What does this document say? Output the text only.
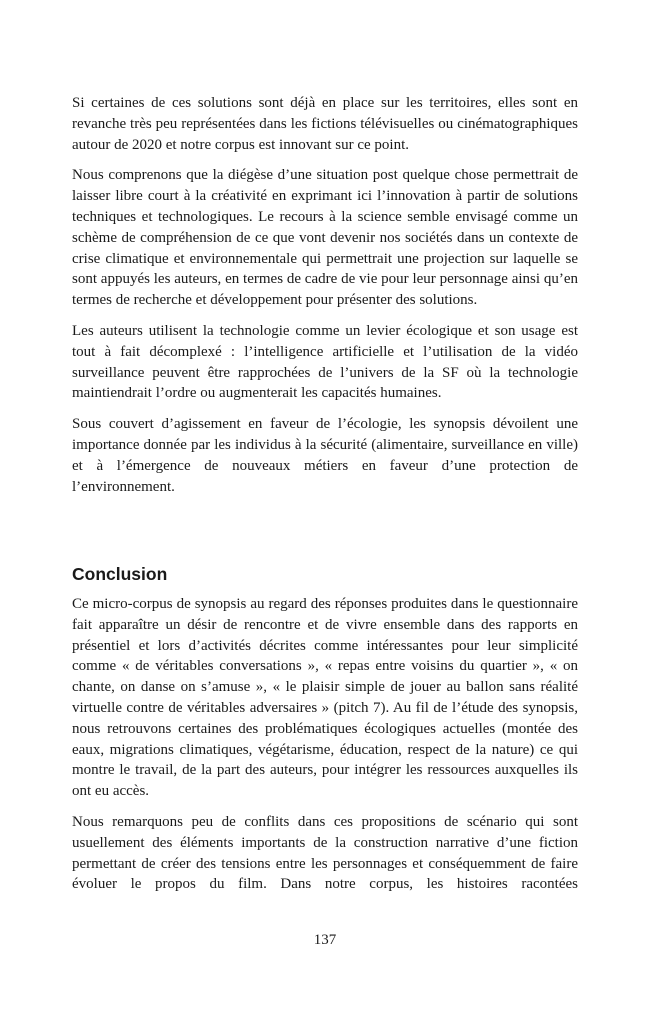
Si certaines de ces solutions sont déjà en place sur les territoires, elles sont en revanche très peu représentées dans les fictions télévisuelles ou cinématographiques autour de 2020 et notre corpus est innovant sur ce point.

Nous comprenons que la diégèse d’une situation post quelque chose permettrait de laisser libre court à la créativité en exprimant ici l’innovation à partir de solutions techniques et technologiques. Le recours à la science semble envisagé comme un schème de compréhension de ce que vont devenir nos sociétés dans un contexte de crise climatique et environnementale qui permettrait une projection sur laquelle se sont appuyés les auteurs, en termes de cadre de vie pour leur personnage ainsi qu’en termes de recherche et développement pour présenter des solutions.

Les auteurs utilisent la technologie comme un levier écologique et son usage est tout à fait décomplexé : l’intelligence artificielle et l’utilisation de la vidéo surveillance peuvent être rapprochées de l’univers de la SF où la technologie maintiendrait l’ordre ou augmenterait les capacités humaines.

Sous couvert d’agissement en faveur de l’écologie, les synopsis dévoilent une importance donnée par les individus à la sécurité (alimentaire, surveillance en ville) et à l’émergence de nouveaux métiers en faveur d’une protection de l’environnement.

Conclusion

Ce micro-corpus de synopsis au regard des réponses produites dans le questionnaire fait apparaître un désir de rencontre et de vivre ensemble dans des rapports en présentiel et lors d’activités décrites comme intéressantes pour leur simplicité comme « de véritables conversations », « repas entre voisins du quartier », « on chante, on danse on s’amuse », « le plaisir simple de jouer au ballon sans réalité virtuelle contre de véritables adversaires » (pitch 7). Au fil de l’étude des synopsis, nous retrouvons certaines des problématiques écologiques actuelles (montée des eaux, migrations climatiques, végétarisme, éducation, respect de la nature) ce qui montre le travail, de la part des auteurs, pour intégrer les ressources auxquelles ils ont eu accès.

Nous remarquons peu de conflits dans ces propositions de scénario qui sont usuellement des éléments importants de la construction narrative d’une fiction permettant de créer des tensions entre les personnages et conséquemment de faire évoluer le propos du film. Dans notre corpus, les histoires racontées

137
